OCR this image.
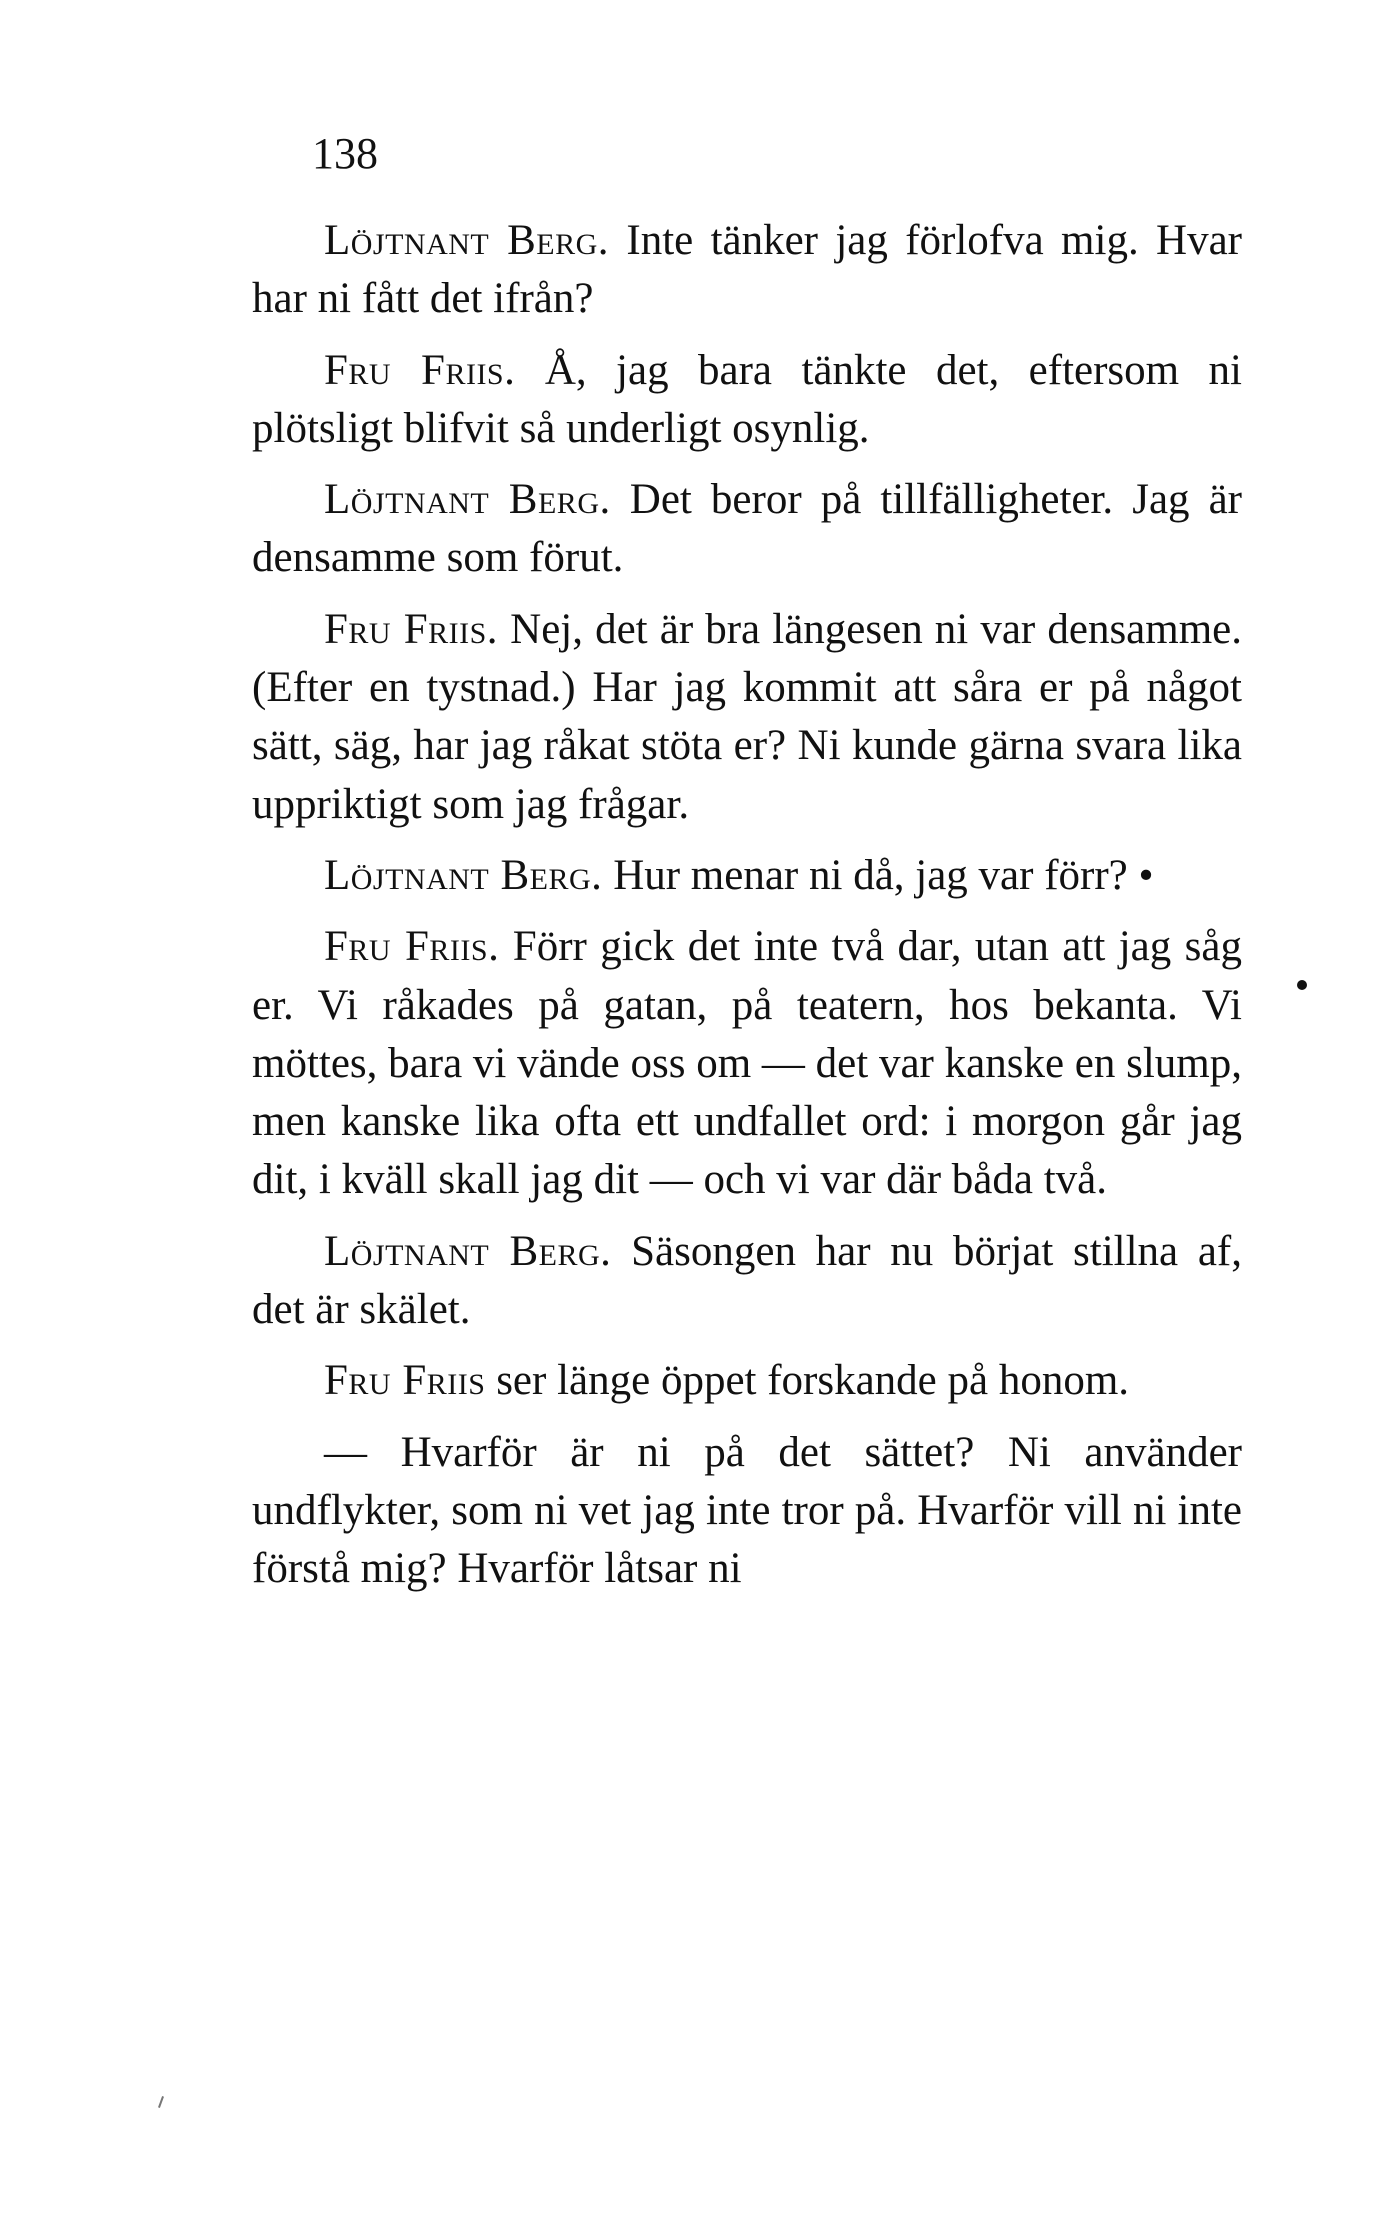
138

Löjtnant Berg. Inte tänker jag förlofva mig. Hvar har ni fått det ifrån?

Fru Friis. Å, jag bara tänkte det, eftersom ni plötsligt blifvit så underligt osynlig.

Löjtnant Berg. Det beror på tillfälligheter. Jag är densamme som förut.

Fru Friis. Nej, det är bra längesen ni var densamme. (Efter en tystnad.) Har jag kommit att såra er på något sätt, säg, har jag råkat stöta er? Ni kunde gärna svara lika uppriktigt som jag frågar.

Löjtnant Berg. Hur menar ni då, jag var förr? •

Fru Friis. Förr gick det inte två dar, utan att jag såg er. Vi råkades på gatan, på teatern, hos bekanta. Vi möttes, bara vi vände oss om — det var kanske en slump, men kanske lika ofta ett undfallet ord: i morgon går jag dit, i kväll skall jag dit — och vi var där båda två.

Löjtnant Berg. Säsongen har nu börjat stillna af, det är skälet.

Fru Friis ser länge öppet forskande på honom.

— Hvarför är ni på det sättet? Ni använder undflykter, som ni vet jag inte tror på. Hvarför vill ni inte förstå mig? Hvarför låtsar ni
